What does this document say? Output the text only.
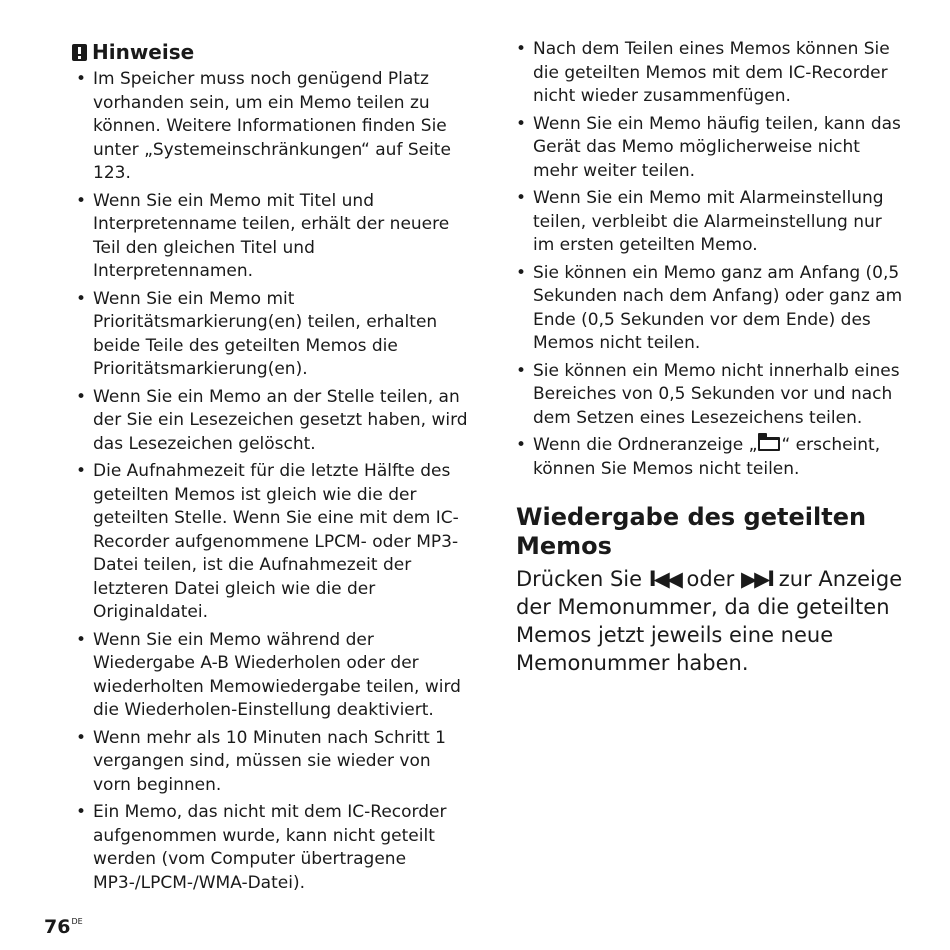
Hinweise
• Im Speicher muss noch genügend Platz vorhanden sein, um ein Memo teilen zu können. Weitere Informationen finden Sie unter „Systemeinschränkungen“ auf Seite 123.
• Wenn Sie ein Memo mit Titel und Interpretenname teilen, erhält der neuere Teil den gleichen Titel und Interpretennamen.
• Wenn Sie ein Memo mit Prioritätsmarkierung(en) teilen, erhalten beide Teile des geteilten Memos die Prioritätsmarkierung(en).
• Wenn Sie ein Memo an der Stelle teilen, an der Sie ein Lesezeichen gesetzt haben, wird das Lesezeichen gelöscht.
• Die Aufnahmezeit für die letzte Hälfte des geteilten Memos ist gleich wie die der geteilten Stelle. Wenn Sie eine mit dem IC-Recorder aufgenommene LPCM- oder MP3-Datei teilen, ist die Aufnahmezeit der letzteren Datei gleich wie die der Originaldatei.
• Wenn Sie ein Memo während der Wiedergabe A-B Wiederholen oder der wiederholten Memowiedergabe teilen, wird die Wiederholen-Einstellung deaktiviert.
• Wenn mehr als 10 Minuten nach Schritt 1 vergangen sind, müssen sie wieder von vorn beginnen.
• Ein Memo, das nicht mit dem IC-Recorder aufgenommen wurde, kann nicht geteilt werden (vom Computer übertragene MP3-/LPCM-/WMA-Datei).
• Nach dem Teilen eines Memos können Sie die geteilten Memos mit dem IC-Recorder nicht wieder zusammenfügen.
• Wenn Sie ein Memo häufig teilen, kann das Gerät das Memo möglicherweise nicht mehr weiter teilen.
• Wenn Sie ein Memo mit Alarmeinstellung teilen, verbleibt die Alarmeinstellung nur im ersten geteilten Memo.
• Sie können ein Memo ganz am Anfang (0,5 Sekunden nach dem Anfang) oder ganz am Ende (0,5 Sekunden vor dem Ende) des Memos nicht teilen.
• Sie können ein Memo nicht innerhalb eines Bereiches von 0,5 Sekunden vor und nach dem Setzen eines Lesezeichens teilen.
• Wenn die Ordneranzeige „ “ erscheint, können Sie Memos nicht teilen.
Wiedergabe des geteilten Memos

Drücken Sie I◀◀ oder ▶▶I zur Anzeige der Memonummer, da die geteilten Memos jetzt jeweils eine neue Memonummer haben.

76DE
